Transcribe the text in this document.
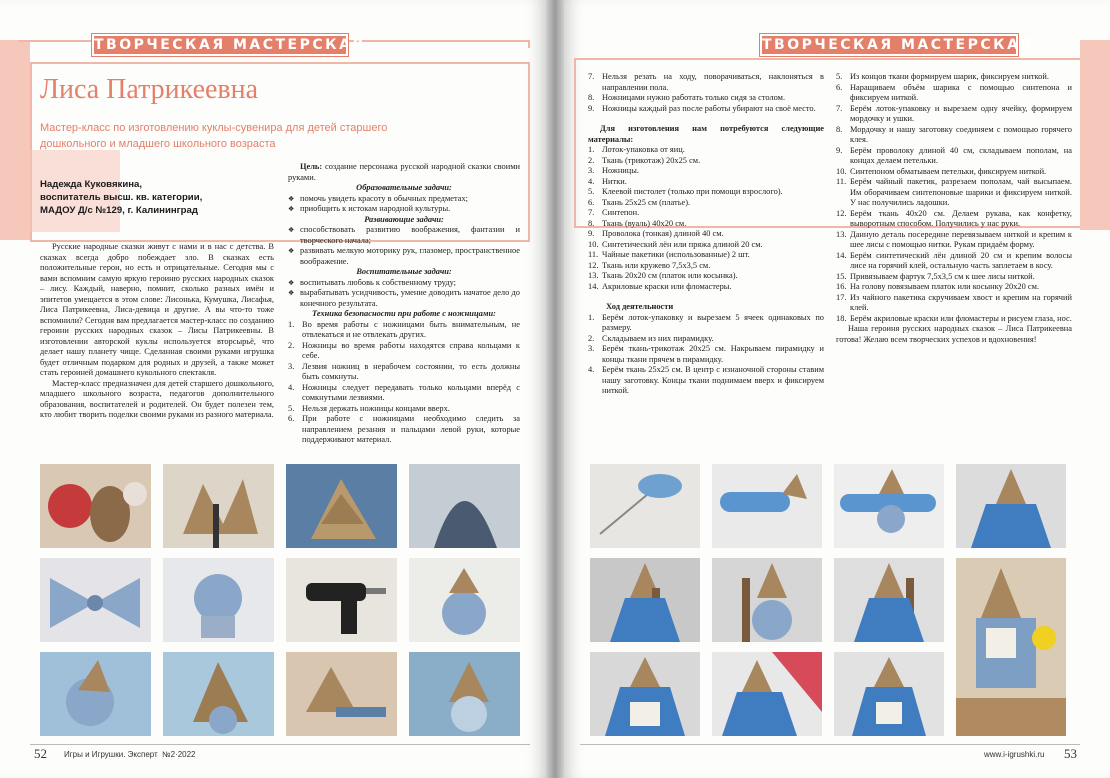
ТВОРЧЕСКАЯ МАСТЕРСКАЯ
Лиса Патрикеевна
Мастер-класс по изготовлению куклы-сувенира для детей старшего дошкольного и младшего школьного возраста
Надежда Куковякина,
воспитатель высш. кв. категории,
МАДОУ Д/с №129, г. Калининград

Русские народные сказки живут с нами и в нас с детства. В сказках всегда добро побеждает зло. В сказках есть положительные герои, но есть и отрицательные. Сегодня мы с вами вспомним самую яркую героиню русских народных сказок – лису. Каждый, наверно, помнит, сколько разных имён и эпитетов умещается в этом слове: Лисонька, Кумушка, Лисафья, Лиса Патрикеевна, Лиса-девица и другие. А вы что-то тоже вспомнили? Сегодня вам предлагается мастер-класс по созданию героини русских народных сказок – Лисы Патрикеевны. В изготовлении авторской куклы используется вторсырьё, что делает нашу планету чище. Сделанная своими руками игрушка будет отличным подарком для родных и друзей, а также может стать героиней домашнего кукольного спектакля.

Мастер-класс предназначен для детей старшего дошкольного, младшего школьного возраста, педагогов дополнительного образования, воспитателей и родителей. Он будет полезен тем, кто любит творить поделки своими руками из разного материала.

Цель: создание персонажа русской народной сказки своими руками.

Образовательные задачи:
❖ помочь увидеть красоту в обычных предметах;
❖ приобщить к истокам народной культуры.
Развивающие задачи:
❖ способствовать развитию воображения, фантазии и творческого начала;
❖ развивать мелкую моторику рук, глазомер, пространственное воображение.
Воспитательные задачи:
❖ воспитывать любовь к собственному труду;
❖ вырабатывать усидчивость, умение доводить начатое дело до конечного результата.
Техника безопасности при работе с ножницами:
1. Во время работы с ножницами быть внимательным, не отвлекаться и не отвлекать других.
2. Ножницы во время работы находятся справа кольцами к себе.
3. Лезвия ножниц в нерабочем состоянии, то есть должны быть сомкнуты.
4. Ножницы следует передавать только кольцами вперёд с сомкнутыми лезвиями.
5. Нельзя держать ножницы концами вверх.
6. При работе с ножницами необходимо следить за направлением резания и пальцами левой руки, которые поддерживают материал.
52 Игры и Игрушки. Эксперт №2·2022
ТВОРЧЕСКАЯ МАСТЕРСКАЯ
7. Нельзя резать на ходу, поворачиваться, наклоняться в направлении пола.
8. Ножницами нужно работать только сидя за столом.
9. Ножницы каждый раз после работы убирают на своё место.
Для изготовления нам потребуются следующие материалы:
1. Лоток-упаковка от яиц.
2. Ткань (трикотаж) 20x25 см.
3. Ножницы.
4. Нитки.
5. Клеевой пистолет (только при помощи взрослого).
6. Ткань 25x25 см (платье).
7. Синтепон.
8. Ткань (вуаль) 40x20 см.
9. Проволока (тонкая) длиной 40 см.
10. Синтетический лён или пряжа длиной 20 см.
11. Чайные пакетики (использованные) 2 шт.
12. Ткань или кружево 7,5x3,5 см.
13. Ткань 20x20 см (платок или косынка).
14. Акриловые краски или фломастеры.
Ход деятельности
1. Берём лоток-упаковку и вырезаем 5 ячеек одинаковых по размеру.
2. Складываем из них пирамидку.
3. Берём ткань-трикотаж 20x25 см. Накрываем пирамидку и концы ткани прячем в пирамидку.
4. Берём ткань 25x25 см. В центр с изнаночной стороны ставим нашу заготовку. Концы ткани поднимаем вверх и фиксируем ниткой.
5. Из концов ткани формируем шарик, фиксируем ниткой.
6. Наращиваем объём шарика с помощью синтепона и фиксируем ниткой.
7. Берём лоток-упаковку и вырезаем одну ячейку, формируем мордочку и ушки.
8. Мордочку и нашу заготовку соединяем с помощью горячего клея.
9. Берём проволоку длиной 40 см, складываем пополам, на концах делаем петельки.
10. Синтепоном обматываем петельки, фиксируем ниткой.
11. Берём чайный пакетик, разрезаем пополам, чай высыпаем. Им оборачиваем синтепоновые шарики и фиксируем ниткой. У нас получились ладошки.
12. Берём ткань 40x20 см. Делаем рукава, как конфетку, выворотным способом. Получились у нас руки.
13. Данную деталь посередине перевязываем ниткой и крепим к шее лисы с помощью нитки. Рукам придаём форму.
14. Берём синтетический лён длиной 20 см и крепим волосы лисе на горячий клей, остальную часть заплетаем в косу.
15. Привязываем фартук 7,5x3,5 см к шее лисы ниткой.
16. На голову повязываем платок или косынку 20x20 см.
17. Из чайного пакетика скручиваем хвост и крепим на горячий клей.
18. Берём акриловые краски или фломастеры и рисуем глаза, нос.

Наша героиня русских народных сказок – Лиса Патрикеевна готова! Желаю всем творческих успехов и вдохновения!

www.i-igrushki.ru 53
